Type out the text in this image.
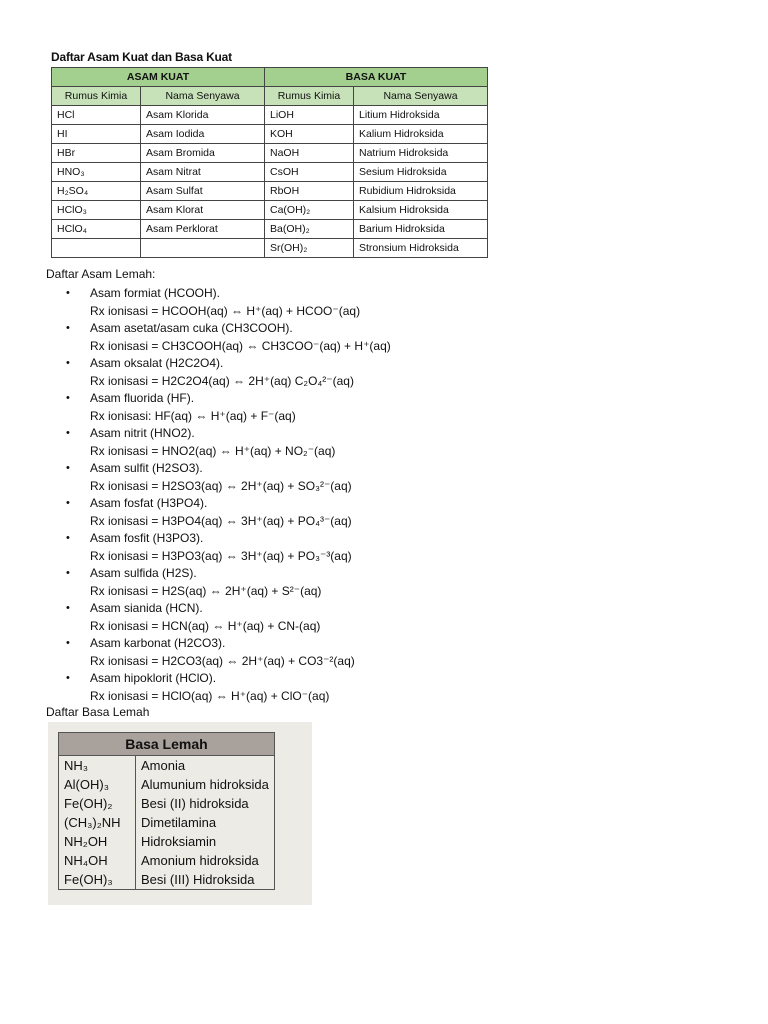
Daftar Asam Kuat dan Basa Kuat
ASAM KUAT		BASA KUAT	
Rumus Kimia	Nama Senyawa	Rumus Kimia	Nama Senyawa
HCl	Asam Klorida	LiOH	Litium Hidroksida
HI	Asam Iodida	KOH	Kalium Hidroksida
HBr	Asam Bromida	NaOH	Natrium Hidroksida
HNO₃	Asam Nitrat	CsOH	Sesium Hidroksida
H₂SO₄	Asam Sulfat	RbOH	Rubidium Hidroksida
HClO₃	Asam Klorat	Ca(OH)₂	Kalsium Hidroksida
HClO₄	Asam Perklorat	Ba(OH)₂	Barium Hidroksida
		Sr(OH)₂	Stronsium Hidroksida
Daftar Asam Lemah:
• Asam formiat (HCOOH).
Rx ionisasi = HCOOH(aq) ⇔ H⁺(aq) + HCOO⁻(aq)
• Asam asetat/asam cuka (CH3COOH).
Rx ionisasi = CH3COOH(aq) ⇔ CH3COO⁻(aq) + H⁺(aq)
• Asam oksalat (H2C2O4).
Rx ionisasi = H2C2O4(aq) ⇔ 2H⁺(aq) C₂O₄²⁻(aq)
• Asam fluorida (HF).
Rx ionisasi: HF(aq) ⇔ H⁺(aq) + F⁻(aq)
• Asam nitrit (HNO2).
Rx ionisasi = HNO2(aq) ⇔ H⁺(aq) + NO₂⁻(aq)
• Asam sulfit (H2SO3).
Rx ionisasi = H2SO3(aq) ⇔ 2H⁺(aq) + SO₃²⁻(aq)
• Asam fosfat (H3PO4).
Rx ionisasi = H3PO4(aq) ⇔ 3H⁺(aq) + PO₄³⁻(aq)
• Asam fosfit (H3PO3).
Rx ionisasi = H3PO3(aq) ⇔ 3H⁺(aq) + PO₃⁻³(aq)
• Asam sulfida (H2S).
Rx ionisasi = H2S(aq) ⇔ 2H⁺(aq) + S²⁻(aq)
• Asam sianida (HCN).
Rx ionisasi = HCN(aq) ⇔ H⁺(aq) + CN-(aq)
• Asam karbonat (H2CO3).
Rx ionisasi = H2CO3(aq) ⇔ 2H⁺(aq) + CO3⁻²(aq)
• Asam hipoklorit (HClO).
Rx ionisasi = HClO(aq) ⇔ H⁺(aq) + ClO⁻(aq)
Daftar Basa Lemah
Basa Lemah	
NH₃	Amonia
Al(OH)₃	Alumunium hidroksida
Fe(OH)₂	Besi (II) hidroksida
(CH₃)₂NH	Dimetilamina
NH₂OH	Hidroksiamin
NH₄OH	Amonium hidroksida
Fe(OH)₃	Besi (III) Hidroksida
